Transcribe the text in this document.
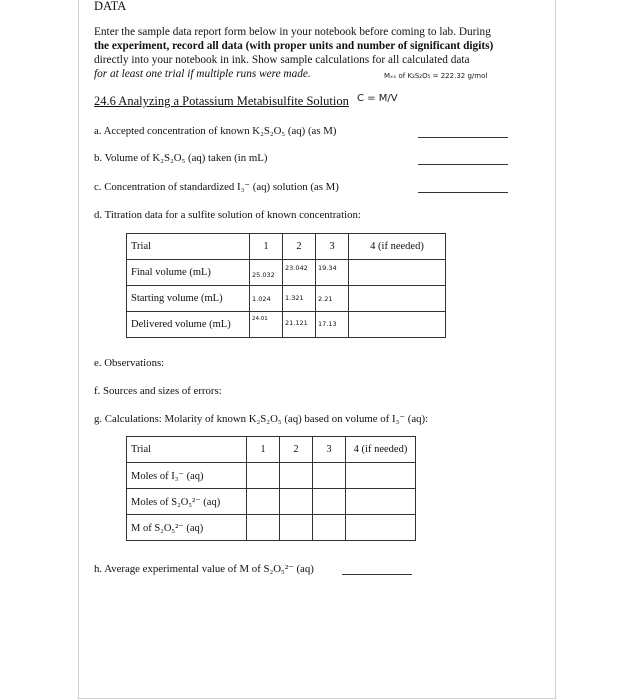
DATA
Enter the sample data report form below in your notebook before coming to lab. During
the experiment, record all data (with proper units and number of significant digits)
directly into your notebook in ink. Show sample calculations for all calculated data
for at least one trial if multiple runs were made.	Mₓₓ of K₂S₂O₅ = 222.32 g/mol
24.6 Analyzing a Potassium Metabisulfite Solution C = M/V
a. Accepted concentration of known K₂S₂O₅ (aq) (as M)
b. Volume of K₂S₂O₅ (aq) taken (in mL)
c. Concentration of standardized I₃⁻ (aq) solution (as M)
d. Titration data for a sulfite solution of known concentration:
Trial	1	2	3	4 (if needed)
Final volume (mL)	25.032	23.042	19.34	

Starting volume (mL)	1.024	1.321	2.21	

Delivered volume (mL)	24.01	21.121	17.13	

e. Observations:
f. Sources and sizes of errors:
g. Calculations: Molarity of known K₂S₂O₅ (aq) based on volume of I₃⁻ (aq):
Trial	1	2	3	4 (if needed)
Moles of I₃⁻ (aq)				
Moles of S₂O₅²⁻ (aq)				
M of S₂O₅²⁻ (aq)				
h. Average experimental value of M of S₂O₅²⁻ (aq)
